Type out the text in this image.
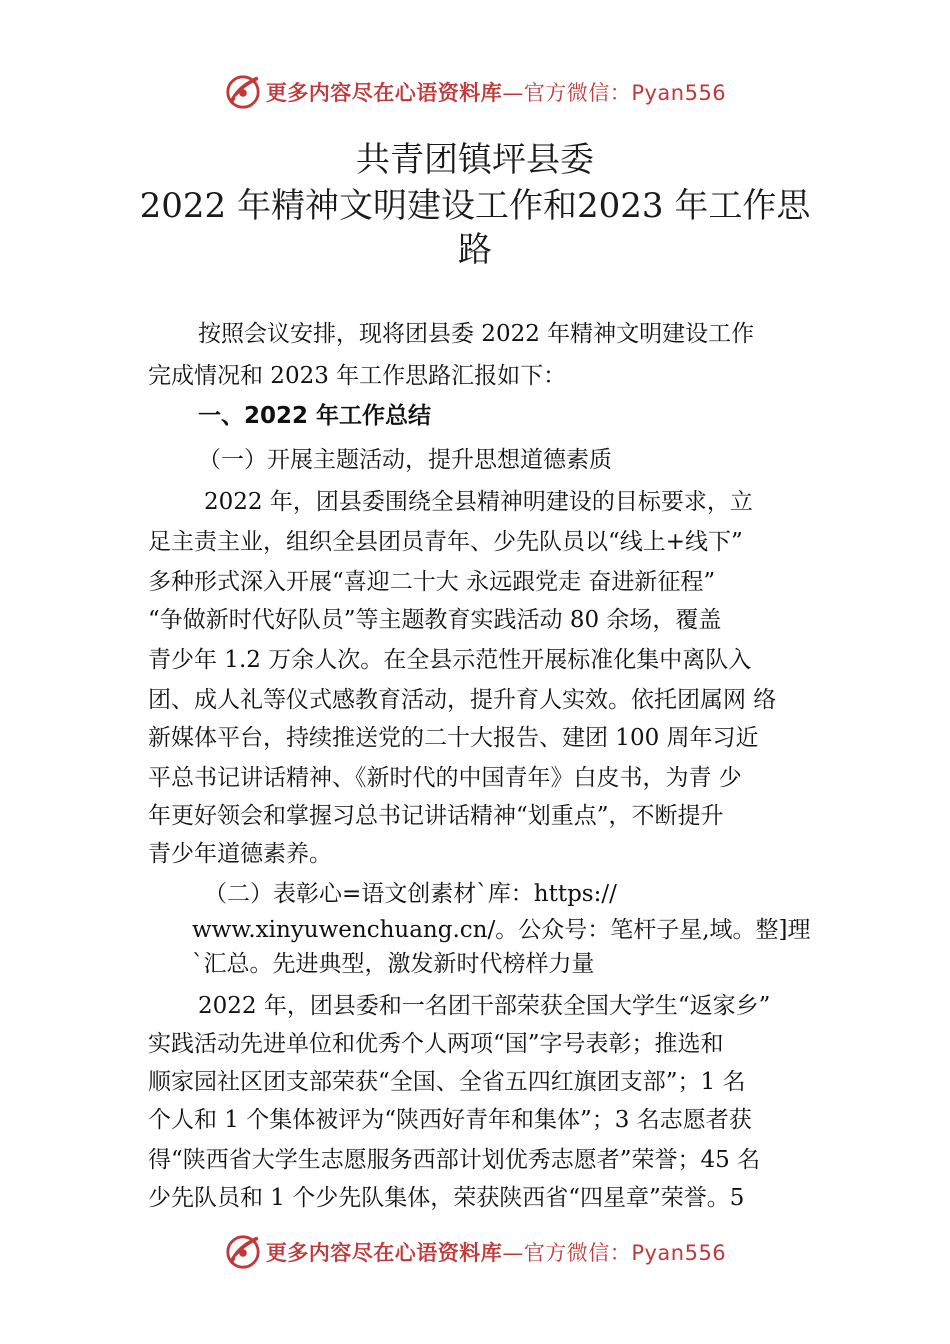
更多内容尽在心语资料库—官方微信：Pyan556
共青团镇坪县委
2022 年精神文明建设工作和2023 年工作思
路
按照会议安排，现将团县委 2022 年精神文明建设工作
完成情况和 2023 年工作思路汇报如下：
一、2022 年工作总结
（一）开展主题活动，提升思想道德素质
2022 年，团县委围绕全县精神明建设的目标要求，立
足主责主业，组织全县团员青年、少先队员以“线上+线下”
多种形式深入开展“喜迎二十大 永远跟党走 奋进新征程”
“争做新时代好队员”等主题教育实践活动 80 余场，覆盖
青少年 1.2 万余人次。在全县示范性开展标准化集中离队入
团、成人礼等仪式感教育活动，提升育人实效。依托团属网 络
新媒体平台，持续推送党的二十大报告、建团 100 周年习近
平总书记讲话精神、《新时代的中国青年》白皮书，为青 少
年更好领会和掌握习总书记讲话精神“划重点”，不断提升
青少年道德素养。
（二）表彰心=语文创素材`库：https://
www.xinyuwenchuang.cn/。公众号：笔杆子星,域。整]理
`汇总。先进典型，激发新时代榜样力量
2022 年，团县委和一名团干部荣获全国大学生“返家乡”
实践活动先进单位和优秀个人两项“国”字号表彰；推选和
顺家园社区团支部荣获“全国、全省五四红旗团支部”；1 名
个人和 1 个集体被评为“陕西好青年和集体”；3 名志愿者获
得“陕西省大学生志愿服务西部计划优秀志愿者”荣誉；45 名
少先队员和 1 个少先队集体，荣获陕西省“四星章”荣誉。5
更多内容尽在心语资料库—官方微信：Pyan556
